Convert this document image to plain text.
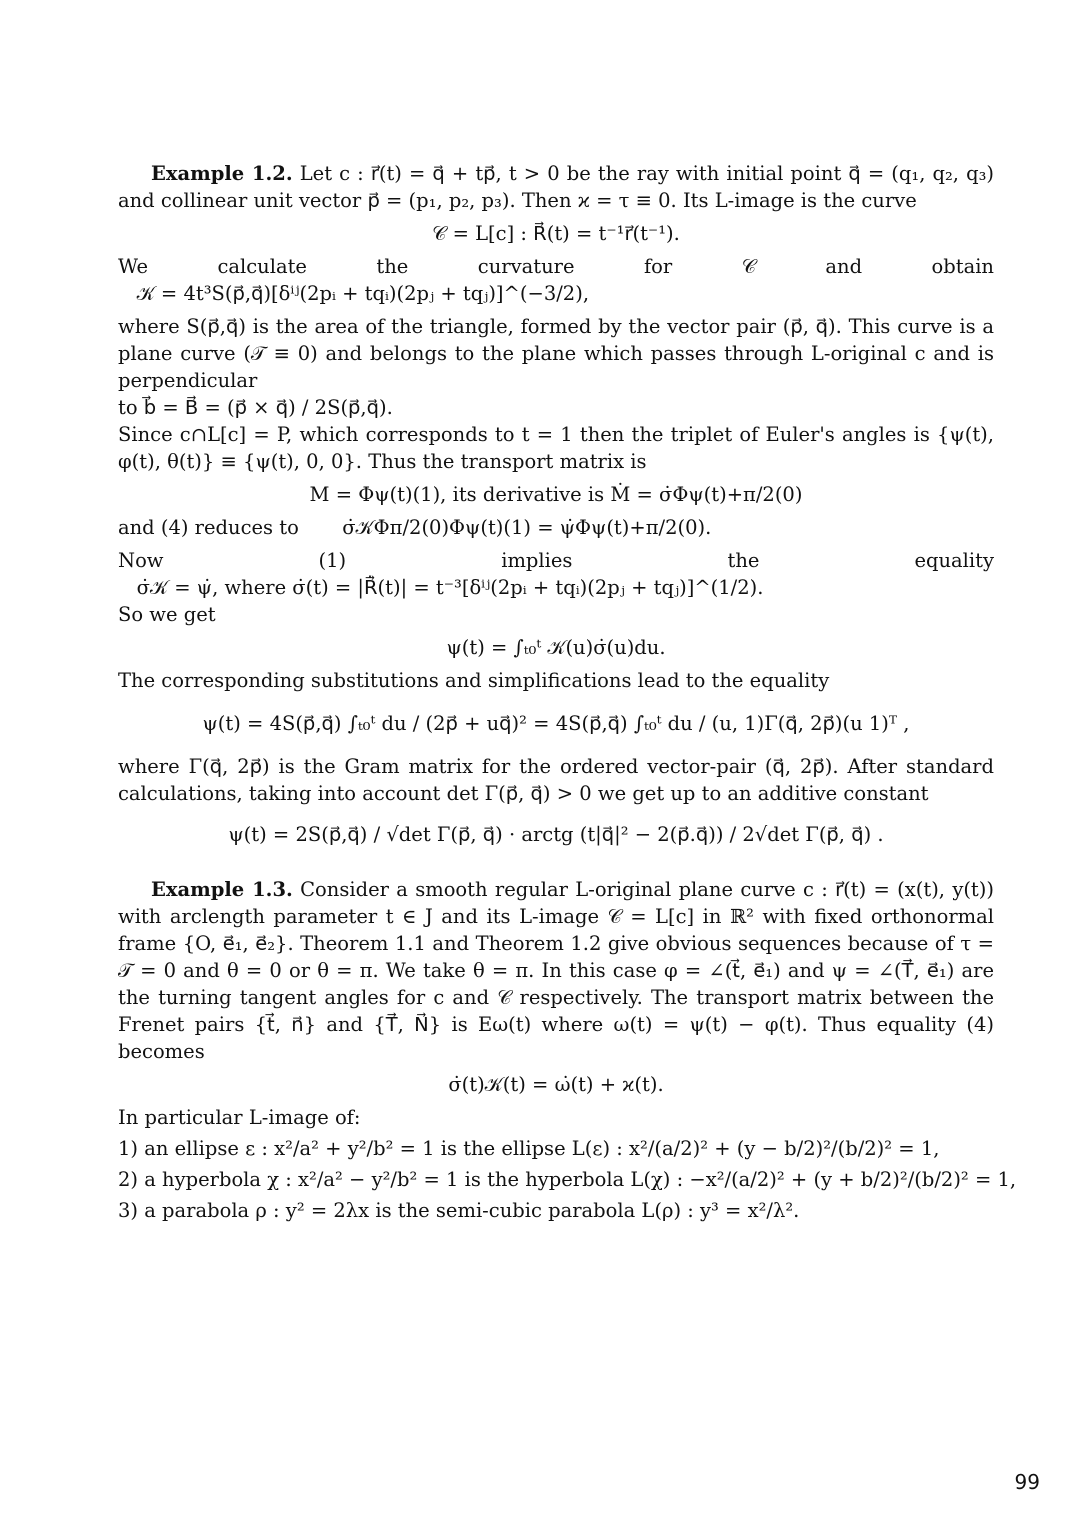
Example 1.2. Let c : r⃗(t) = q⃗ + tp⃗, t > 0 be the ray with initial point q⃗ = (q₁, q₂, q₃) and collinear unit vector p⃗ = (p₁, p₂, p₃). Then ϰ = τ ≡ 0. Its L-image is the curve

𝒞 = L[c] : R⃗(t) = t⁻¹r⃗(t⁻¹).

We calculate the curvature for 𝒞 and obtain    𝒦 = 4t³S(p⃗,q⃗)[δⁱʲ(2pᵢ + tqᵢ)(2pⱼ + tqⱼ)]^(−3/2),

where S(p⃗,q⃗) is the area of the triangle, formed by the vector pair (p⃗, q⃗). This curve is a plane curve (𝒯 ≡ 0) and belongs to the plane which passes through L-original c and is perpendicular

to b⃗ = B⃗ = (p⃗ × q⃗) / 2S(p⃗,q⃗).

Since c∩L[c] = P, which corresponds to t = 1 then the triplet of Euler's angles is {ψ(t), φ(t), θ(t)} ≡ {ψ(t), 0, 0}. Thus the transport matrix is

M = Φψ(t)(1), its derivative is Ṁ = σ̇Φψ(t)+π/2(0)

and (4) reduces to σ̇𝒦Φπ/2(0)Φψ(t)(1) = ψ̇Φψ(t)+π/2(0).

Now (1) implies the equality    σ̇𝒦 = ψ̇, where σ̇(t) = |R⃗̇(t)| = t⁻³[δⁱʲ(2pᵢ + tqᵢ)(2pⱼ + tqⱼ)]^(1/2).

So we get

ψ(t) = ∫ₜ₀ᵗ 𝒦(u)σ̇(u)du.

The corresponding substitutions and simplifications lead to the equality

ψ(t) = 4S(p⃗,q⃗) ∫ₜ₀ᵗ du / (2p⃗ + uq⃗)² = 4S(p⃗,q⃗) ∫ₜ₀ᵗ du / (u, 1)Γ(q⃗, 2p⃗)(u 1)ᵀ ,

where Γ(q⃗, 2p⃗) is the Gram matrix for the ordered vector-pair (q⃗, 2p⃗). After standard calculations, taking into account det Γ(p⃗, q⃗) > 0 we get up to an additive constant

ψ(t) = 2S(p⃗,q⃗) / √det Γ(p⃗, q⃗) · arctg (t|q⃗|² − 2(p⃗.q⃗)) / 2√det Γ(p⃗, q⃗) .

Example 1.3. Consider a smooth regular L-original plane curve c : r⃗(t) = (x(t), y(t)) with arclength parameter t ∈ J and its L-image 𝒞 = L[c] in ℝ² with fixed orthonormal frame {O, e⃗₁, e⃗₂}. Theorem 1.1 and Theorem 1.2 give obvious sequences because of τ = 𝒯 = 0 and θ = 0 or θ = π. We take θ = π. In this case φ = ∠(t⃗, e⃗₁) and ψ = ∠(T⃗, e⃗₁) are the turning tangent angles for c and 𝒞 respectively. The transport matrix between the Frenet pairs {t⃗, n⃗} and {T⃗, N⃗} is Eω(t) where ω(t) = ψ(t) − φ(t). Thus equality (4) becomes

σ̇(t)𝒦(t) = ω̇(t) + ϰ(t).

In particular L-image of:

1) an ellipse ε : x²/a² + y²/b² = 1 is the ellipse L(ε) : x²/(a/2)² + (y − b/2)²/(b/2)² = 1,
2) a hyperbola χ : x²/a² − y²/b² = 1 is the hyperbola L(χ) : −x²/(a/2)² + (y + b/2)²/(b/2)² = 1,
3) a parabola ρ : y² = 2λx is the semi-cubic parabola L(ρ) : y³ = x²/λ².
99
